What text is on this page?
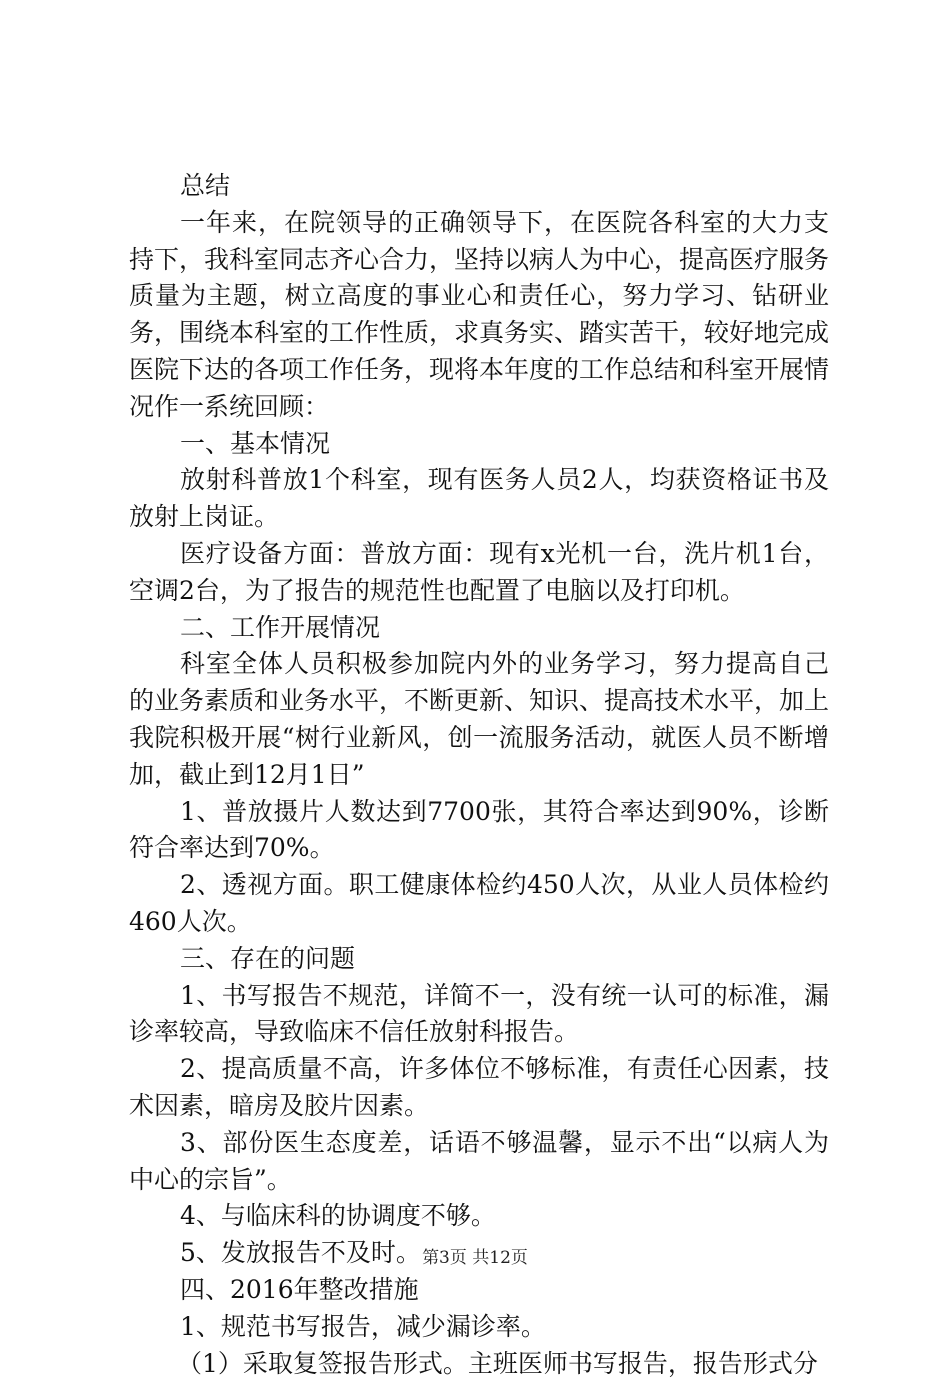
总结

一年来，在院领导的正确领导下，在医院各科室的大力支持下，我科室同志齐心合力，坚持以病人为中心，提高医疗服务质量为主题，树立高度的事业心和责任心，努力学习、钻研业务，围绕本科室的工作性质，求真务实、踏实苦干，较好地完成医院下达的各项工作任务，现将本年度的工作总结和科室开展情况作一系统回顾：

一、基本情况

放射科普放1个科室，现有医务人员2人，均获资格证书及放射上岗证。

医疗设备方面：普放方面：现有x光机一台，洗片机1台，空调2台，为了报告的规范性也配置了电脑以及打印机。

二、工作开展情况

科室全体人员积极参加院内外的业务学习，努力提高自己的业务素质和业务水平，不断更新、知识、提高技术水平，加上我院积极开展“树行业新风，创一流服务活动，就医人员不断增加，截止到12月1日”

1、普放摄片人数达到7700张，其符合率达到90%，诊断符合率达到70%。

2、透视方面。职工健康体检约450人次，从业人员体检约460人次。

三、存在的问题

1、书写报告不规范，详简不一，没有统一认可的标准，漏诊率较高，导致临床不信任放射科报告。

2、提高质量不高，许多体位不够标准，有责任心因素，技术因素，暗房及胶片因素。

3、部份医生态度差，话语不够温馨，显示不出“以病人为中心的宗旨”。

4、与临床科的协调度不够。

5、发放报告不及时。

四、2016年整改措施

1、规范书写报告，减少漏诊率。

（1）采取复签报告形式。主班医师书写报告，报告形式分

第3页 共12页
